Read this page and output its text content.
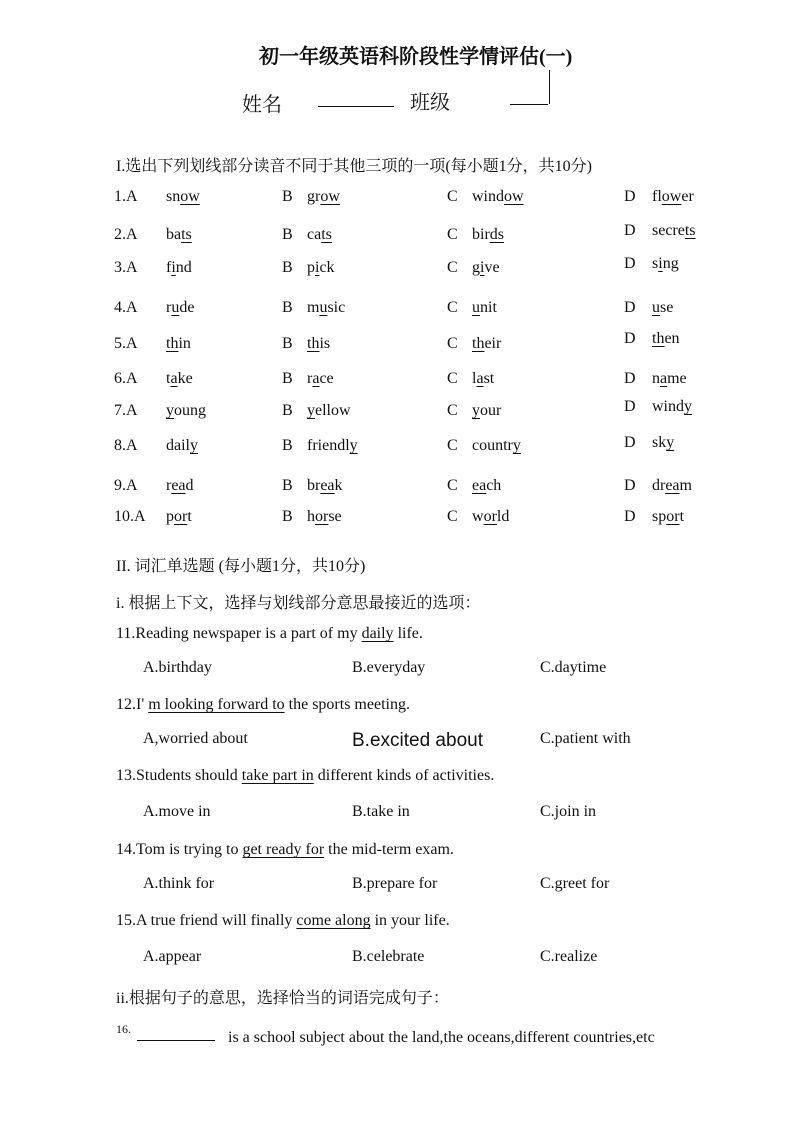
初一年级英语科阶段性学情评估(一)
姓名	班级
I.选出下列划线部分读音不同于其他三项的一项(每小题1分，共10分)
1.A snow	B grow	C window	D flower
2.A bats	B cats	C birds	D secrets
3.A find	B pick	C give	D sing
4.A rude	B music	C unit	D use
5.A thin	B this	C their	D then
6.A take	B race	C last	D name
7.A young	B yellow	C your	D windy
8.A daily	B friendly	C country	D sky
9.A read	B break	C each	D dream
10.A port	B horse	C world	D sport
II. 词汇单选题 (每小题1分，共10分)
i. 根据上下文，选择与划线部分意思最接近的选项：
11.Reading newspaper is a part of my daily life.
A.birthday	B.everyday	C.daytime
12.I' m looking forward to the sports meeting.
A,worried about	B.excited about	C.patient with
13.Students should take part in different kinds of activities.
A.move in	B.take in	C.join in
14.Tom is trying to get ready for the mid-term exam.
A.think for	B.prepare for	C.greet for
15.A true friend will finally come along in your life.
A.appear	B.celebrate	C.realize
ii.根据句子的意思，选择恰当的词语完成句子：
16.	is a school subject about the land,the oceans,different countries,etc
